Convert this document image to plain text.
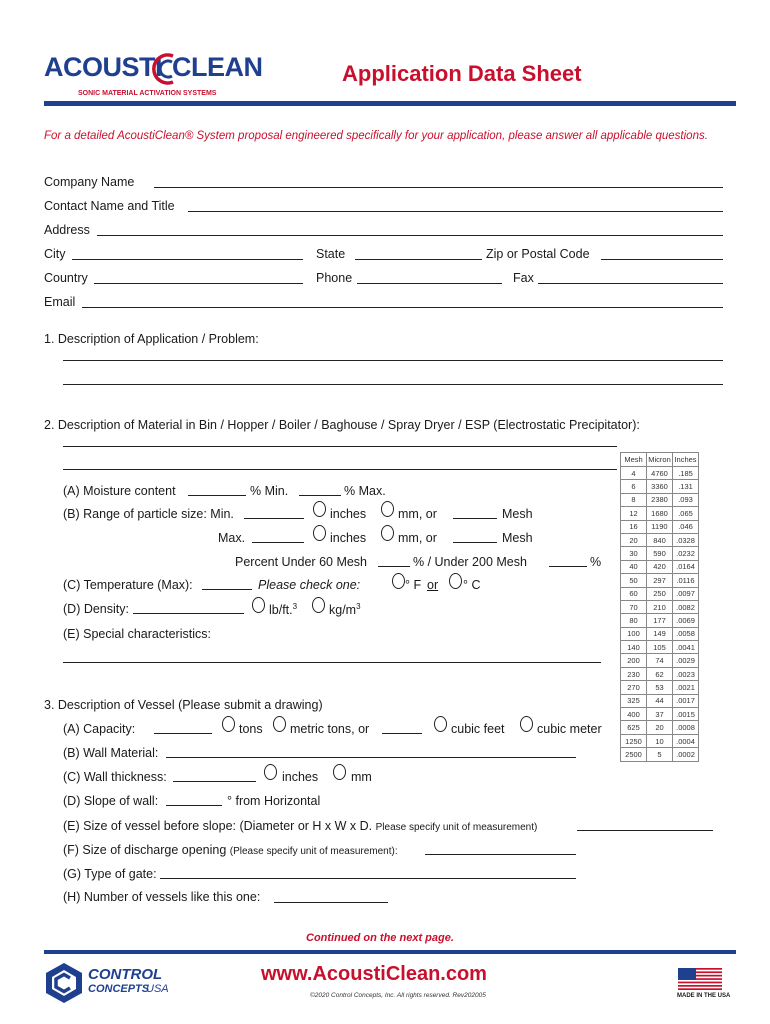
ACOUSTI CLEAN
SONIC MATERIAL ACTIVATION SYSTEMS
Application Data Sheet
For a detailed AcoustiClean® System proposal engineered specifically for your application, please answer all applicable questions.
Company Name
Contact Name and Title
Address
City	State	Zip or Postal Code
Country	Phone	Fax
Email
1. Description of Application / Problem:
2. Description of Material in Bin / Hopper / Boiler / Baghouse / Spray Dryer / ESP (Electrostatic Precipitator):
(A) Moisture content	% Min.	% Max.
(B) Range of particle size: Min.	inches	mm, or	Mesh
Max.	inches	mm, or	Mesh
Percent Under 60 Mesh	% / Under 200 Mesh	%
(C) Temperature (Max):	Please check one:	° F or ° C
(D) Density:	lb/ft.$^3$	$kg/m^3$
(E) Special characteristics:
Mesh	Micron	Inches
4	4760	.185
6	3360	.131
8	2380	.093
12	1680	.065
16	1190	.046
20	840	.0328
30	590	.0232
40	420	.0164
50	297	.0116
60	250	.0097
70	210	.0082
80	177	.0069
100	149	.0058
140	105	.0041
200	74	.0029
230	62	.0023
270	53	.0021
325	44	.0017
400	37	.0015
625	20	.0008
1250	10	.0004
2500	5	.0002
3. Description of Vessel (Please submit a drawing)
(A) Capacity:	tons metric tons, or	cubic feet	cubic meter
(B) Wall Material:
(C) Wall thickness:	inches	mm
(D) Slope of wall:	° from Horizontal
(E) Size of vessel before slope: (Diameter or H x W x D. Please specify unit of measurement)
(F) Size of discharge opening (Please specify unit of measurement):
(G) Type of gate:
(H) Number of vessels like this one:
Continued on the next page.
CONTROL
CONCEPTS
USA
www.AcoustiClean.com
©2020 Control Concepts, Inc. All rights reserved. Rev202005	MADE IN THE USA
